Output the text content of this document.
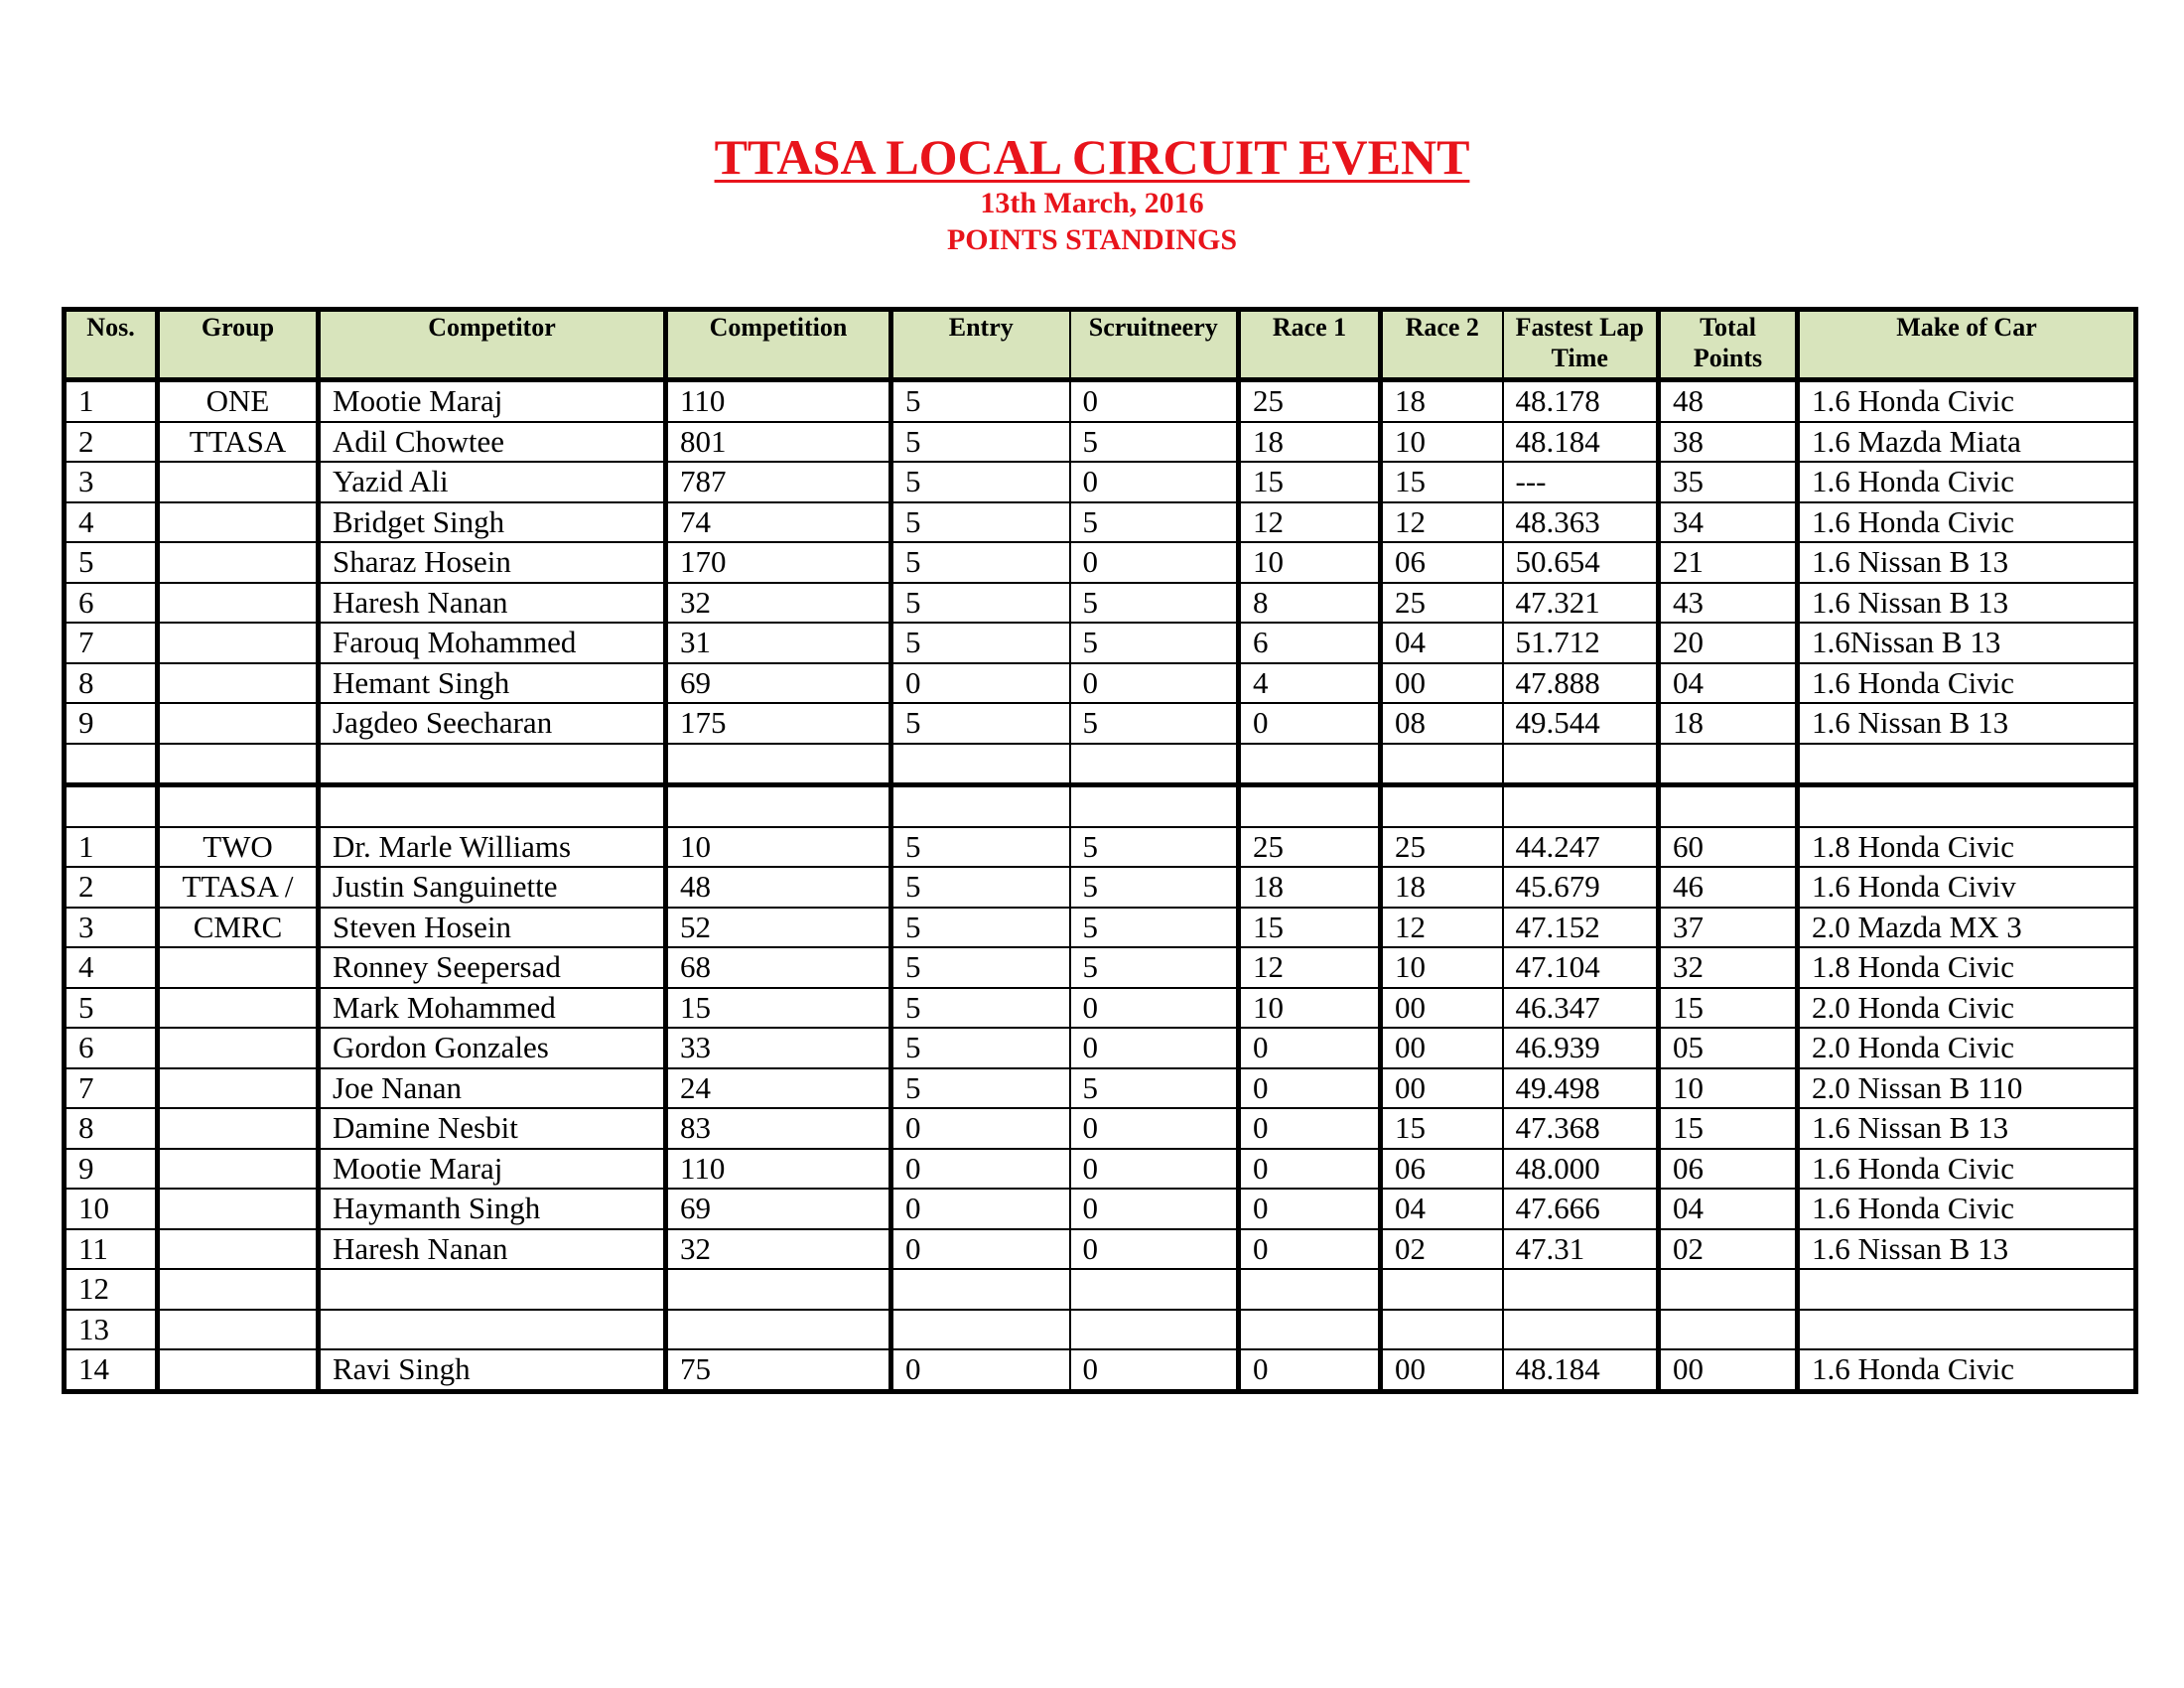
TTASA LOCAL CIRCUIT EVENT
13th March, 2016
POINTS STANDINGS
Nos.	Group	Competitor	Competition	Entry	Scruitneery	Race 1	Race 2	Fastest Lap Time	Total Points	Make of Car
1	ONE	Mootie Maraj	110	5	0	25	18	48.178	48	1.6 Honda Civic
2	TTASA	Adil Chowtee	801	5	5	18	10	48.184	38	1.6 Mazda Miata
3		Yazid Ali	787	5	0	15	15	---	35	1.6 Honda Civic
4		Bridget Singh	74	5	5	12	12	48.363	34	1.6 Honda Civic
5		Sharaz Hosein	170	5	0	10	06	50.654	21	1.6 Nissan B 13
6		Haresh Nanan	32	5	5	8	25	47.321	43	1.6 Nissan B 13
7		Farouq Mohammed	31	5	5	6	04	51.712	20	1.6Nissan B 13
8		Hemant Singh	69	0	0	4	00	47.888	04	1.6 Honda Civic
9		Jagdeo Seecharan	175	5	5	0	08	49.544	18	1.6 Nissan B 13

1	TWO	Dr. Marle Williams	10	5	5	25	25	44.247	60	1.8 Honda Civic
2	TTASA /	Justin Sanguinette	48	5	5	18	18	45.679	46	1.6 Honda Civiv
3	CMRC	Steven Hosein	52	5	5	15	12	47.152	37	2.0 Mazda MX 3
4		Ronney Seepersad	68	5	5	12	10	47.104	32	1.8 Honda Civic
5		Mark Mohammed	15	5	0	10	00	46.347	15	2.0 Honda Civic
6		Gordon Gonzales	33	5	0	0	00	46.939	05	2.0 Honda Civic
7		Joe Nanan	24	5	5	0	00	49.498	10	2.0 Nissan B 110
8		Damine Nesbit	83	0	0	0	15	47.368	15	1.6 Nissan B 13
9		Mootie Maraj	110	0	0	0	06	48.000	06	1.6 Honda Civic
10		Haymanth Singh	69	0	0	0	04	47.666	04	1.6 Honda Civic
11		Haresh Nanan	32	0	0	0	02	47.31	02	1.6 Nissan B 13
12										
13										
14		Ravi Singh	75	0	0	0	00	48.184	00	1.6 Honda Civic
